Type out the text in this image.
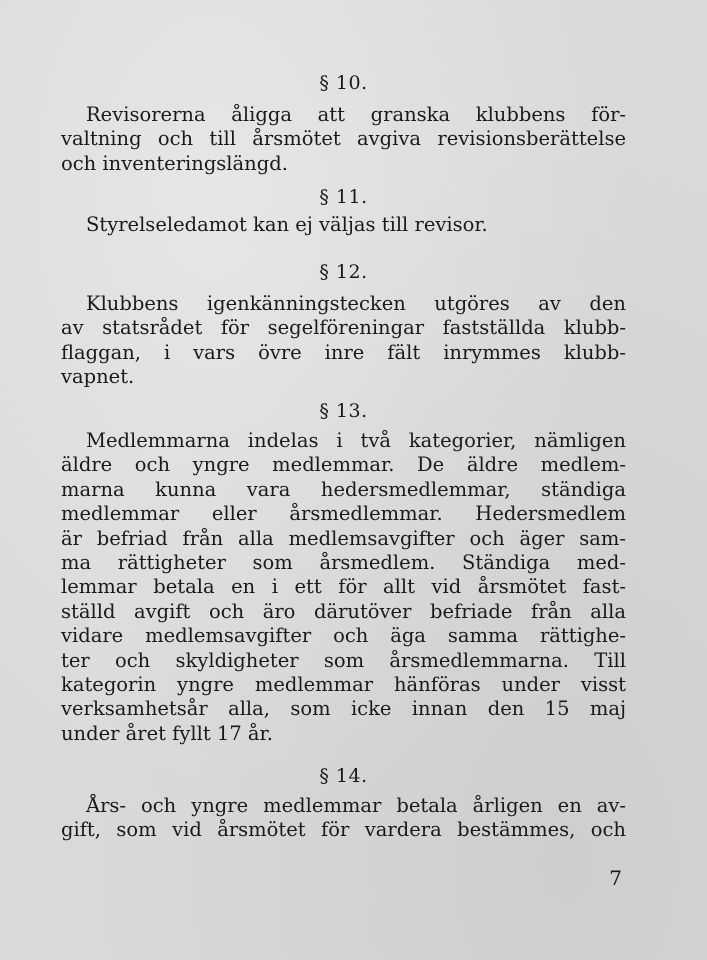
§ 10.
Revisorerna åligga att granska klubbens för-
valtning och till årsmötet avgiva revisionsberättelse
och inventeringslängd.
§ 11.
Styrelseledamot kan ej väljas till revisor.
§ 12.
Klubbens igenkänningstecken utgöres av den
av statsrådet för segelföreningar fastställda klubb-
flaggan, i vars övre inre fält inrymmes klubb-
vapnet.
§ 13.
Medlemmarna indelas i två kategorier, nämligen
äldre och yngre medlemmar. De äldre medlem-
marna kunna vara hedersmedlemmar, ständiga
medlemmar eller årsmedlemmar. Hedersmedlem
är befriad från alla medlemsavgifter och äger sam-
ma rättigheter som årsmedlem. Ständiga med-
lemmar betala en i ett för allt vid årsmötet fast-
ställd avgift och äro därutöver befriade från alla
vidare medlemsavgifter och äga samma rättighe-
ter och skyldigheter som årsmedlemmarna. Till
kategorin yngre medlemmar hänföras under visst
verksamhetsår alla, som icke innan den 15 maj
under året fyllt 17 år.
§ 14.
Års- och yngre medlemmar betala årligen en av-
gift, som vid årsmötet för vardera bestämmes, och
7
